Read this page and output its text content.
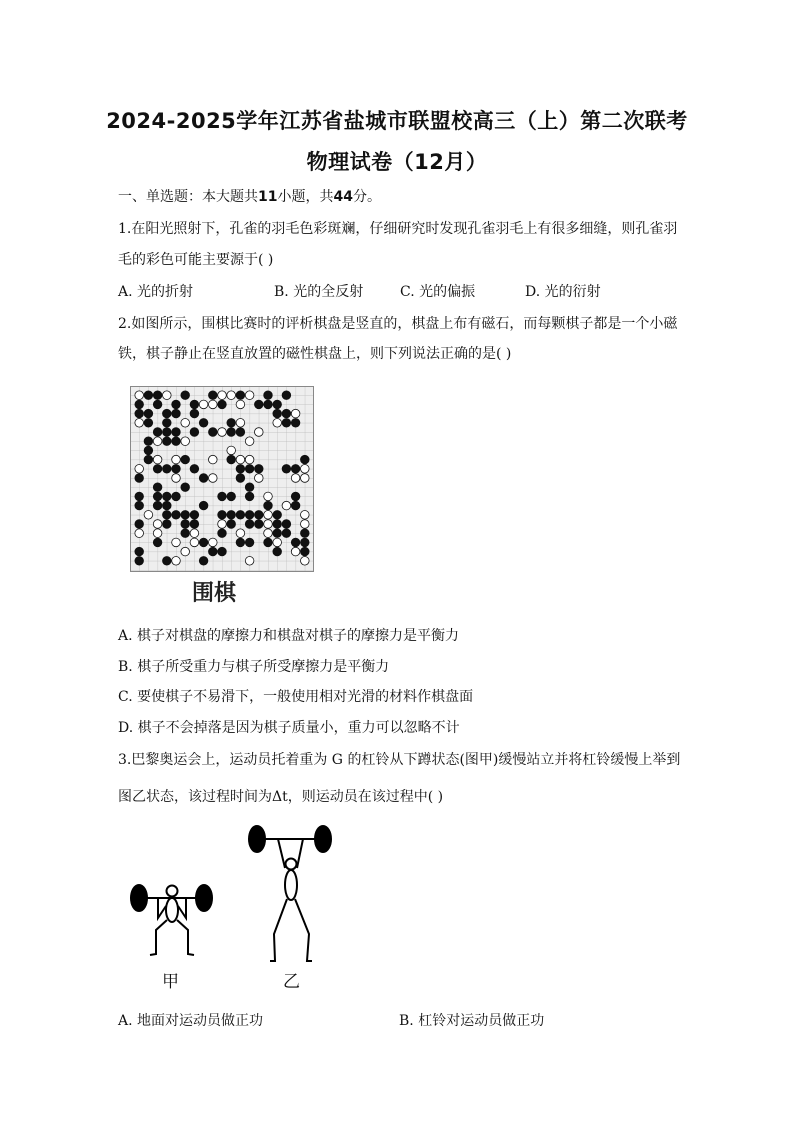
2024-2025学年江苏省盐城市联盟校高三（上）第二次联考
物理试卷（12月）
一、单选题：本大题共11小题，共44分。
1.在阳光照射下，孔雀的羽毛色彩斑斓，仔细研究时发现孔雀羽毛上有很多细缝，则孔雀羽
毛的彩色可能主要源于( )
A. 光的折射	B. 光的全反射	C. 光的偏振	D. 光的衍射
2.如图所示，围棋比赛时的评析棋盘是竖直的，棋盘上布有磁石，而每颗棋子都是一个小磁
铁，棋子静止在竖直放置的磁性棋盘上，则下列说法正确的是( )
围棋
A. 棋子对棋盘的摩擦力和棋盘对棋子的摩擦力是平衡力
B. 棋子所受重力与棋子所受摩擦力是平衡力
C. 要使棋子不易滑下，一般使用相对光滑的材料作棋盘面
D. 棋子不会掉落是因为棋子质量小，重力可以忽略不计
3.巴黎奥运会上，运动员托着重为 G 的杠铃从下蹲状态(图甲)缓慢站立并将杠铃缓慢上举到
图乙状态，该过程时间为Δt，则运动员在该过程中( )
甲	乙
A. 地面对运动员做正功	B. 杠铃对运动员做正功
